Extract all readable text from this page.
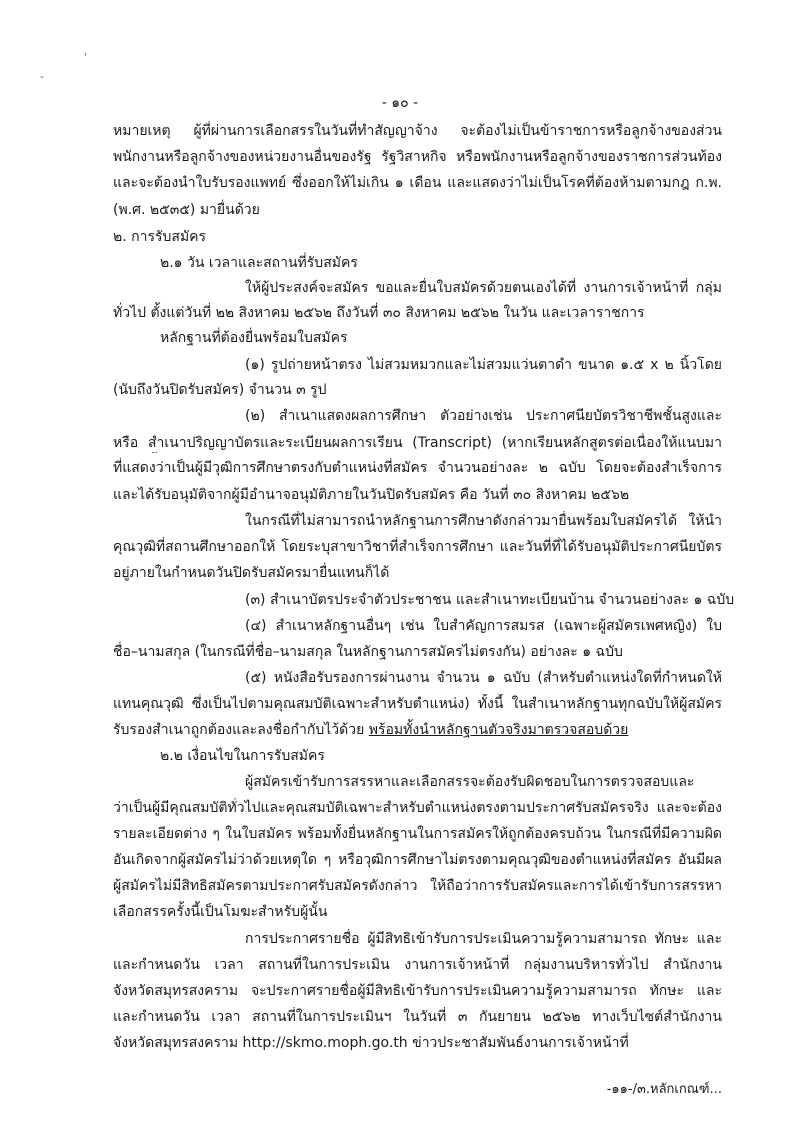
'
-
- ๑๐ -
หมายเหตุ ผู้ที่ผ่านการเลือกสรรในวันที่ทำสัญญาจ้าง จะต้องไม่เป็นข้าราชการหรือลูกจ้างของส่วน
พนักงานหรือลูกจ้างของหน่วยงานอื่นของรัฐ รัฐวิสาหกิจ หรือพนักงานหรือลูกจ้างของราชการส่วนท้อง
และจะต้องนำใบรับรองแพทย์ ซึ่งออกให้ไม่เกิน ๑ เดือน และแสดงว่าไม่เป็นโรคที่ต้องห้ามตามกฎ ก.พ.
(พ.ศ. ๒๕๓๕) มายื่นด้วย
๒. การรับสมัคร
๒.๑ วัน เวลาและสถานที่รับสมัคร
ให้ผู้ประสงค์จะสมัคร ขอและยื่นใบสมัครด้วยตนเองได้ที่ งานการเจ้าหน้าที่ กลุ่ม
ทั่วไป ตั้งแต่วันที่ ๒๒ สิงหาคม ๒๕๖๒ ถึงวันที่ ๓๐ สิงหาคม ๒๕๖๒ ในวัน และเวลาราชการ
หลักฐานที่ต้องยื่นพร้อมใบสมัคร
(๑) รูปถ่ายหน้าตรง ไม่สวมหมวกและไม่สวมแว่นตาดำ ขนาด ๑.๕ x ๒ นิ้วโดย
(นับถึงวันปิดรับสมัคร) จำนวน ๓ รูป
(๒) สำเนาแสดงผลการศึกษา ตัวอย่างเช่น ประกาศนียบัตรวิชาชีพชั้นสูงและ
หรือ สำเนาปริญญาบัตรและระเบียนผลการเรียน (Transcript) (หากเรียนหลักสูตรต่อเนื่องให้แนบมา
ที่แสดงว่าเป็นผู้มีวุฒิการศึกษาตรงกับตำแหน่งที่สมัคร จำนวนอย่างละ ๒ ฉบับ โดยจะต้องสำเร็จการ
และได้รับอนุมัติจากผู้มีอำนาจอนุมัติภายในวันปิดรับสมัคร คือ วันที่ ๓๐ สิงหาคม ๒๕๖๒
ในกรณีที่ไม่สามารถนำหลักฐานการศึกษาดังกล่าวมายื่นพร้อมใบสมัครได้ ให้นำ
คุณวุฒิที่สถานศึกษาออกให้ โดยระบุสาขาวิชาที่สำเร็จการศึกษา และวันที่ที่ได้รับอนุมัติประกาศนียบัตร
อยู่ภายในกำหนดวันปิดรับสมัครมายื่นแทนก็ได้
(๓) สำเนาบัตรประจำตัวประชาชน และสำเนาทะเบียนบ้าน จำนวนอย่างละ ๑ ฉบับ
(๔) สำเนาหลักฐานอื่นๆ เช่น ใบสำคัญการสมรส (เฉพาะผู้สมัครเพศหญิง) ใบ
ชื่อ–นามสกุล (ในกรณีที่ชื่อ–นามสกุล ในหลักฐานการสมัครไม่ตรงกัน) อย่างละ ๑ ฉบับ
(๕) หนังสือรับรองการผ่านงาน จำนวน ๑ ฉบับ (สำหรับตำแหน่งใดที่กำหนดให้
แทนคุณวุฒิ ซึ่งเป็นไปตามคุณสมบัติเฉพาะสำหรับตำแหน่ง) ทั้งนี้ ในสำเนาหลักฐานทุกฉบับให้ผู้สมัคร
รับรองสำเนาถูกต้องและลงชื่อกำกับไว้ด้วย พร้อมทั้งนำหลักฐานตัวจริงมาตรวจสอบด้วย
๒.๒ เงื่อนไขในการรับสมัคร
ผู้สมัครเข้ารับการสรรหาและเลือกสรรจะต้องรับผิดชอบในการตรวจสอบและ
ว่าเป็นผู้มีคุณสมบัติทั่วไปและคุณสมบัติเฉพาะสำหรับตำแหน่งตรงตามประกาศรับสมัครจริง และจะต้อง
รายละเอียดต่าง ๆ ในใบสมัคร พร้อมทั้งยื่นหลักฐานในการสมัครให้ถูกต้องครบถ้วน ในกรณีที่มีความผิด
อันเกิดจากผู้สมัครไม่ว่าด้วยเหตุใด ๆ หรือวุฒิการศึกษาไม่ตรงตามคุณวุฒิของตำแหน่งที่สมัคร อันมีผล
ผู้สมัครไม่มีสิทธิสมัครตามประกาศรับสมัครดังกล่าว ให้ถือว่าการรับสมัครและการได้เข้ารับการสรรหา
เลือกสรรครั้งนี้เป็นโมฆะสำหรับผู้นั้น
การประกาศรายชื่อ ผู้มีสิทธิเข้ารับการประเมินความรู้ความสามารถ ทักษะ และ
และกำหนดวัน เวลา สถานที่ในการประเมิน งานการเจ้าหน้าที่ กลุ่มงานบริหารทั่วไป สำนักงาน
จังหวัดสมุทรสงคราม จะประกาศรายชื่อผู้มีสิทธิเข้ารับการประเมินความรู้ความสามารถ ทักษะ และ
และกำหนดวัน เวลา สถานที่ในการประเมินฯ ในวันที่ ๓ กันยายน ๒๕๖๒ ทางเว็บไซต์สำนักงาน
จังหวัดสมุทรสงคราม http://skmo.moph.go.th ข่าวประชาสัมพันธ์งานการเจ้าหน้าที่
-๑๑-/๓.หลักเกณฑ์...
